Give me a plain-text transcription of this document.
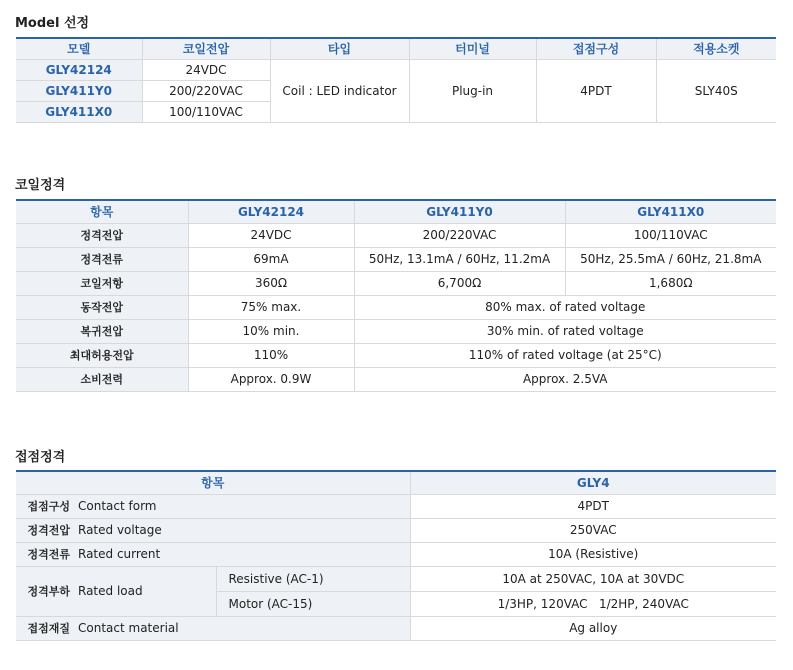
Model 선정
모델	코일전압	타입	터미널	접점구성	적용소켓
GLY42124	24VDC	Coil : LED indicator	Plug-in	4PDT	SLY40S
GLY411Y0	200/220VAC				
GLY411X0	100/110VAC				
코일정격
항목	GLY42124	GLY411Y0	GLY411X0
정격전압	24VDC	200/220VAC	100/110VAC
정격전류	69mA	50Hz, 13.1mA / 60Hz, 11.2mA	50Hz, 25.5mA / 60Hz, 21.8mA
코일저항	360Ω	6,700Ω	1,680Ω
동작전압	75% max.	80% max. of rated voltage	
복귀전압	10% min.	30% min. of rated voltage	
최대허용전압	110%	110% of rated voltage (at 25°C)	
소비전력	Approx. 0.9W	Approx. 2.5VA	
접점정격
항목		GLY4
접점구성 Contact form		4PDT
정격전압 Rated voltage		250VAC
정격전류 Rated current		10A (Resistive)
정격부하 Rated load	Resistive (AC-1)	10A at 250VAC, 10A at 30VDC
	Motor (AC-15)	1/3HP, 120VAC   1/2HP, 240VAC
접점재질 Contact material		Ag alloy
